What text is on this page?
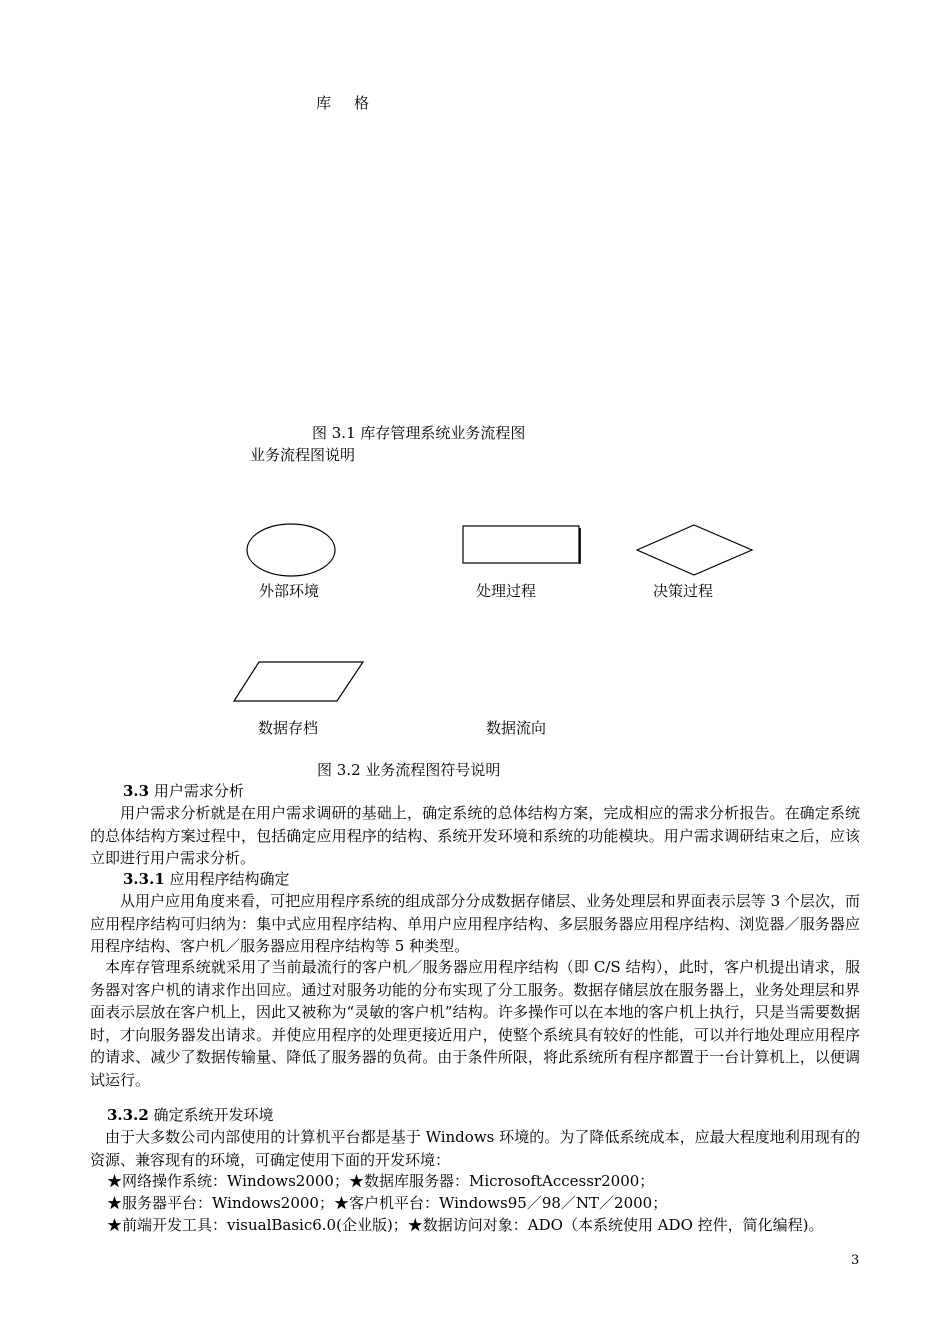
库　格
图 3.1 库存管理系统业务流程图
业务流程图说明
外部环境	处理过程	决策过程
数据存档	数据流向
图 3.2 业务流程图符号说明
3.3 用户需求分析
用户需求分析就是在用户需求调研的基础上，确定系统的总体结构方案，完成相应的需求分析报告。在确定系统的总体结构方案过程中，包括确定应用程序的结构、系统开发环境和系统的功能模块。用户需求调研结束之后，应该立即进行用户需求分析。
3.3.1 应用程序结构确定
从用户应用角度来看，可把应用程序系统的组成部分分成数据存储层、业务处理层和界面表示层等 3 个层次，而应用程序结构可归纳为：集中式应用程序结构、单用户应用程序结构、多层服务器应用程序结构、浏览器／服务器应用程序结构、客户机／服务器应用程序结构等 5 种类型。
本库存管理系统就采用了当前最流行的客户机／服务器应用程序结构（即 C/S 结构），此时，客户机提出请求，服务器对客户机的请求作出回应。通过对服务功能的分布实现了分工服务。数据存储层放在服务器上，业务处理层和界面表示层放在客户机上，因此又被称为“灵敏的客户机”结构。许多操作可以在本地的客户机上执行，只是当需要数据时，才向服务器发出请求。并使应用程序的处理更接近用户，使整个系统具有较好的性能，可以并行地处理应用程序的请求、减少了数据传输量、降低了服务器的负荷。由于条件所限，将此系统所有程序都置于一台计算机上，以便调试运行。
3.3.2 确定系统开发环境
由于大多数公司内部使用的计算机平台都是基于 Windows 环境的。为了降低系统成本，应最大程度地利用现有的资源、兼容现有的环境，可确定使用下面的开发环境：
★网络操作系统：Windows2000；★数据库服务器：MicrosoftAccessr2000；
★服务器平台：Windows2000；★客户机平台：Windows95／98／NT／2000；
★前端开发工具：visualBasic6.0(企业版)；★数据访问对象：ADO（本系统使用 ADO 控件，简化编程)。
3
